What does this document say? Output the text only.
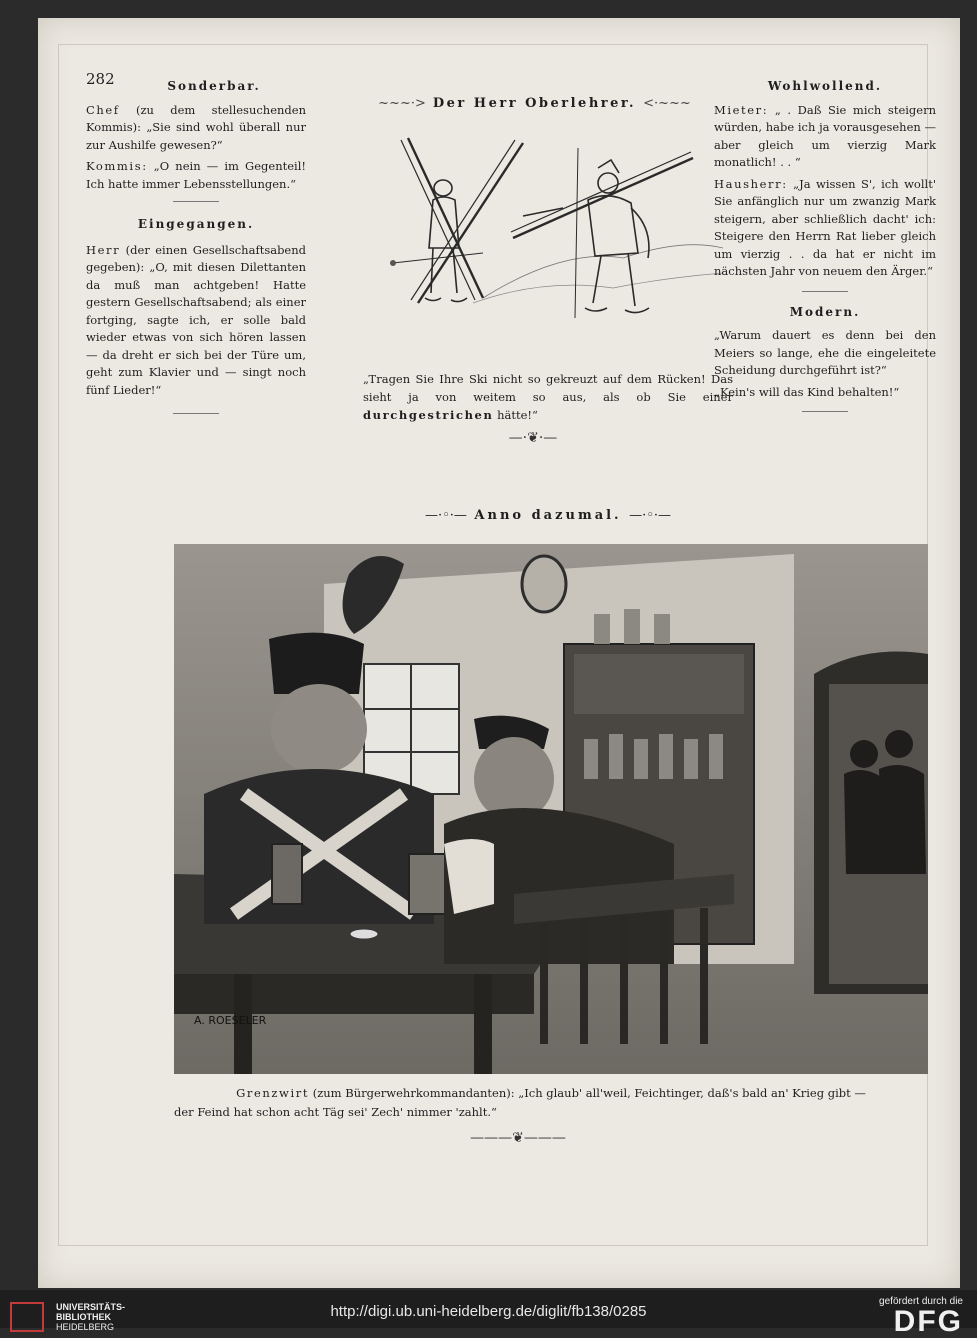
282	Sonderbar.

Chef (zu dem stellesuchenden Kommis): „Sie sind wohl überall nur zur Aushilfe gewesen?“

Kommis: „O nein — im Gegenteil! Ich hatte immer Lebensstellungen.“

Eingegangen.

Herr (der einen Gesellschaftsabend gegeben): „O, mit diesen Dilettanten da muß man achtgeben! Hatte gestern Gesellschaftsabend; als einer fortging, sagte ich, er solle bald wieder etwas von sich hören lassen — da dreht er sich bei der Türe um, geht zum Klavier und — singt noch fünf Lieder!“

~~~·> Der Herr Oberlehrer. <·~~~
„Tragen Sie Ihre Ski nicht so gekreuzt auf dem Rücken! Das sieht ja von weitem so aus, als ob Sie einer durchgestrichen hätte!“
—·❦·—
Wohlwollend.

Mieter: „ . Daß Sie mich steigern würden, habe ich ja vorausgesehen — aber gleich um vierzig Mark monatlich! . . “

Hausherr: „Ja wissen S', ich wollt' Sie anfänglich nur um zwanzig Mark steigern, aber schließlich dacht' ich: Steigere den Herrn Rat lieber gleich um vierzig . . da hat er nicht im nächsten Jahr von neuem den Ärger.“

Modern.

„Warum dauert es denn bei den Meiers so lange, ehe die eingeleitete Scheidung durchgeführt ist?“

„Kein's will das Kind behalten!“

—·◦·— Anno dazumal. —·◦·—
A. ROESELER
Grenzwirt (zum Bürgerwehrkommandanten): „Ich glaub' all'weil, Feichtinger, daß's bald an' Krieg gibt —
der Feind hat schon acht Täg sei' Zech' nimmer 'zahlt.“
———❦———
UNIVERSITÄTS-
BIBLIOTHEK
HEIDELBERG
http://digi.ub.uni-heidelberg.de/diglit/fb138/0285
gefördert durch die
DFG
